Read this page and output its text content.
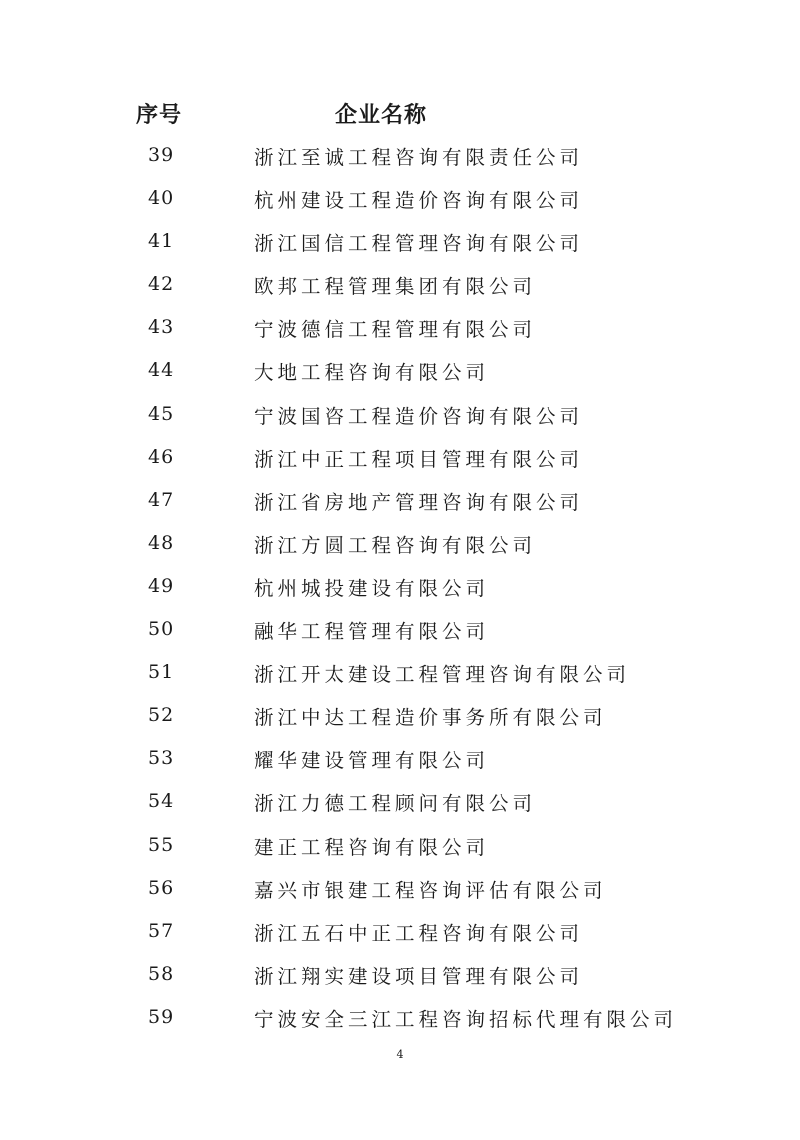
序号	企业名称
39	浙江至诚工程咨询有限责任公司
40	杭州建设工程造价咨询有限公司
41	浙江国信工程管理咨询有限公司
42	欧邦工程管理集团有限公司
43	宁波德信工程管理有限公司
44	大地工程咨询有限公司
45	宁波国咨工程造价咨询有限公司
46	浙江中正工程项目管理有限公司
47	浙江省房地产管理咨询有限公司
48	浙江方圆工程咨询有限公司
49	杭州城投建设有限公司
50	融华工程管理有限公司
51	浙江开太建设工程管理咨询有限公司
52	浙江中达工程造价事务所有限公司
53	耀华建设管理有限公司
54	浙江力德工程顾问有限公司
55	建正工程咨询有限公司
56	嘉兴市银建工程咨询评估有限公司
57	浙江五石中正工程咨询有限公司
58	浙江翔实建设项目管理有限公司
59	宁波安全三江工程咨询招标代理有限公司
4
